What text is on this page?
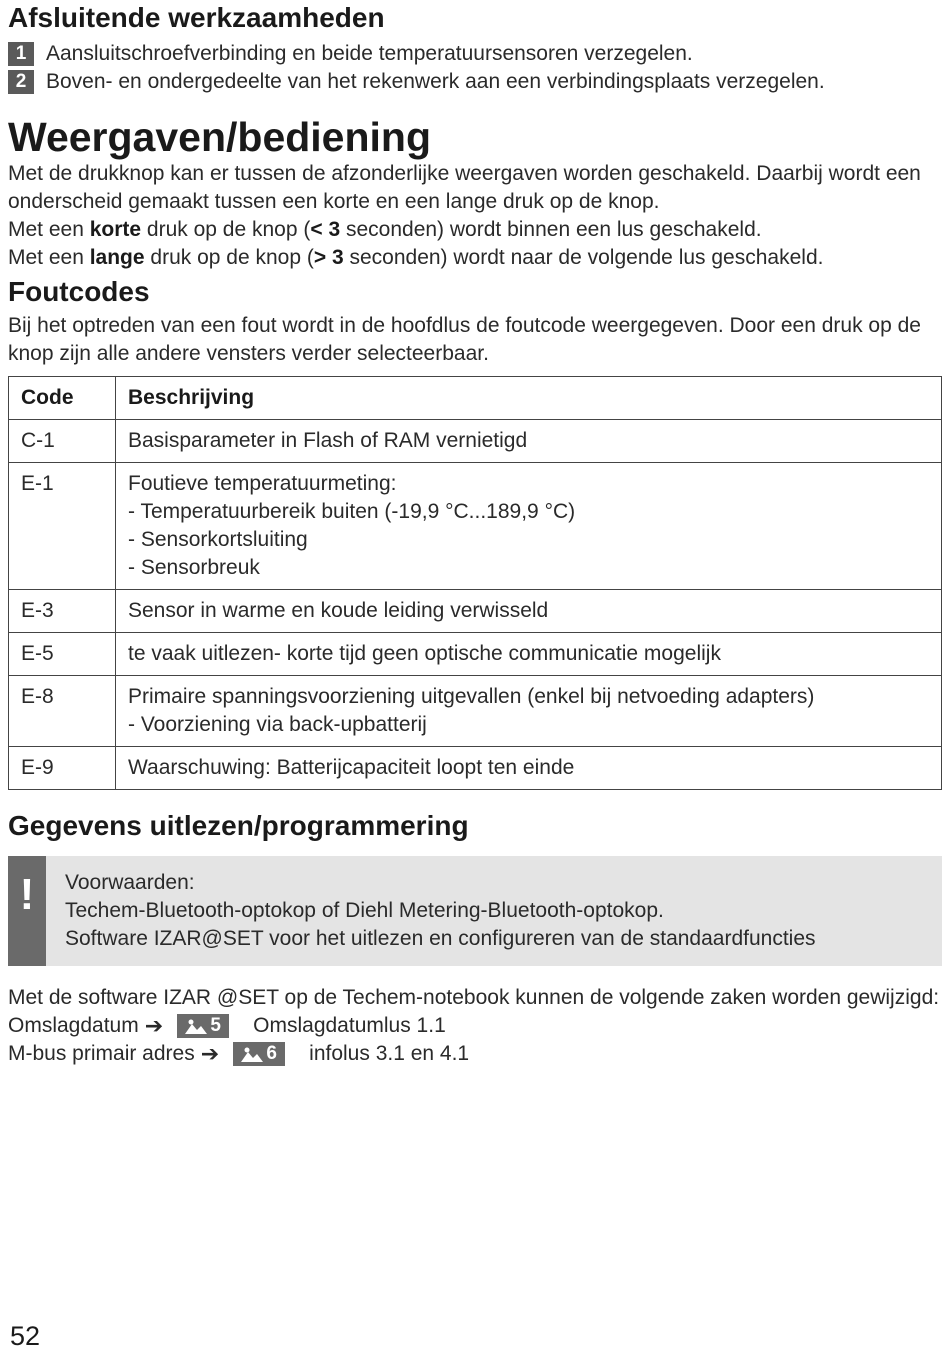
Afsluitende werkzaamheden
1 Aansluitschroefverbinding en beide temperatuursensoren verzegelen.
2 Boven- en ondergedeelte van het rekenwerk aan een verbindingsplaats verzegelen.
Weergaven/bediening

Met de drukknop kan er tussen de afzonderlijke weergaven worden geschakeld. Daarbij wordt een onderscheid gemaakt tussen een korte en een lange druk op de knop.

Met een korte druk op de knop (< 3 seconden) wordt binnen een lus geschakeld.

Met een lange druk op de knop (> 3 seconden) wordt naar de volgende lus geschakeld.

Foutcodes

Bij het optreden van een fout wordt in de hoofdlus de foutcode weergegeven. Door een druk op de knop zijn alle andere vensters verder selecteerbaar.

Code	Beschrijving
C-1	Basisparameter in Flash of RAM vernietigd

E-1	Foutieve temperatuurmeting:
- Temperatuurbereik buiten (-19,9 °C...189,9 °C)
- Sensorkortsluiting
- Sensorbreuk

E-3	Sensor in warme en koude leiding verwisseld

E-5	te vaak uitlezen- korte tijd geen optische communicatie mogelijk

E-8	Primaire spanningsvoorziening uitgevallen (enkel bij netvoeding adapters)
- Voorziening via back-upbatterij

E-9	Waarschuwing: Batterijcapaciteit loopt ten einde
Gegevens uitlezen/programmering
!	Voorwaarden:
Techem-Bluetooth-optokop of Diehl Metering-Bluetooth-optokop.
Software IZAR@SET voor het uitlezen en configureren van de standaardfuncties

Met de software IZAR @SET op de Techem-notebook kunnen de volgende zaken worden gewijzigd:

Omslagdatum ➔ 5 Omslagdatumlus 1.1
M-bus primair adres ➔ 6 infolus 3.1 en 4.1
52
